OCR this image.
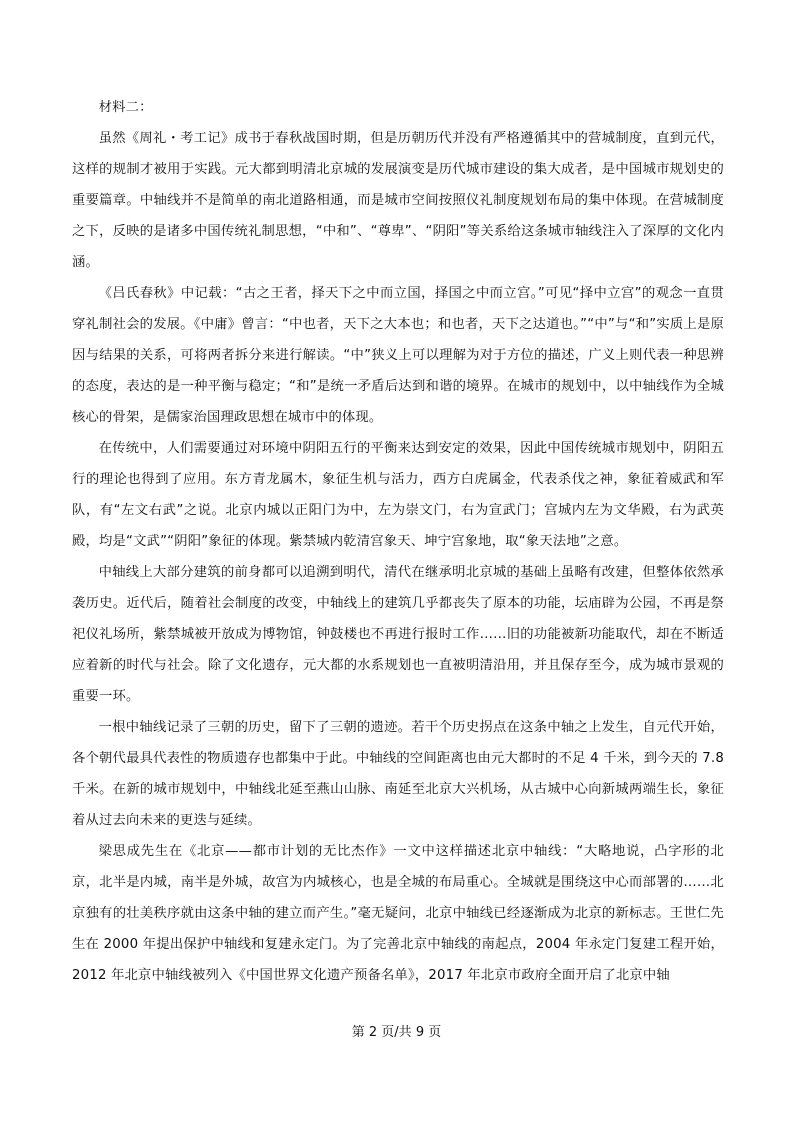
材料二：

虽然《周礼・考工记》成书于春秋战国时期，但是历朝历代并没有严格遵循其中的营城制度，直到元代，这样的规制才被用于实践。元大都到明清北京城的发展演变是历代城市建设的集大成者，是中国城市规划史的重要篇章。中轴线并不是简单的南北道路相通，而是城市空间按照仪礼制度规划布局的集中体现。在营城制度之下，反映的是诸多中国传统礼制思想，“中和”、“尊卑”、“阴阳”等关系给这条城市轴线注入了深厚的文化内涵。

《吕氏春秋》中记载：“古之王者，择天下之中而立国，择国之中而立宫。”可见“择中立宫”的观念一直贯穿礼制社会的发展。《中庸》曾言：“中也者，天下之大本也；和也者，天下之达道也。”“中”与“和”实质上是原因与结果的关系，可将两者拆分来进行解读。“中”狭义上可以理解为对于方位的描述，广义上则代表一种思辨的态度，表达的是一种平衡与稳定；“和”是统一矛盾后达到和谐的境界。在城市的规划中，以中轴线作为全城核心的骨架，是儒家治国理政思想在城市中的体现。

在传统中，人们需要通过对环境中阴阳五行的平衡来达到安定的效果，因此中国传统城市规划中，阴阳五行的理论也得到了应用。东方青龙属木，象征生机与活力，西方白虎属金，代表杀伐之神，象征着威武和军队，有“左文右武”之说。北京内城以正阳门为中，左为崇文门，右为宣武门；宫城内左为文华殿，右为武英殿，均是“文武”“阴阳”象征的体现。紫禁城内乾清宫象天、坤宁宫象地，取“象天法地”之意。

中轴线上大部分建筑的前身都可以追溯到明代，清代在继承明北京城的基础上虽略有改建，但整体依然承袭历史。近代后，随着社会制度的改变，中轴线上的建筑几乎都丧失了原本的功能，坛庙辟为公园，不再是祭祀仪礼场所，紫禁城被开放成为博物馆，钟鼓楼也不再进行报时工作……旧的功能被新功能取代，却在不断适应着新的时代与社会。除了文化遗存，元大都的水系规划也一直被明清沿用，并且保存至今，成为城市景观的重要一环。

一根中轴线记录了三朝的历史，留下了三朝的遗迹。若干个历史拐点在这条中轴之上发生，自元代开始，各个朝代最具代表性的物质遗存也都集中于此。中轴线的空间距离也由元大都时的不足 4 千米，到今天的 7.8 千米。在新的城市规划中，中轴线北延至燕山山脉、南延至北京大兴机场，从古城中心向新城两端生长，象征着从过去向未来的更迭与延续。

梁思成先生在《北京——都市计划的无比杰作》一文中这样描述北京中轴线：“大略地说，凸字形的北京，北半是内城，南半是外城，故宫为内城核心，也是全城的布局重心。全城就是围绕这中心而部署的……北京独有的壮美秩序就由这条中轴的建立而产生。”毫无疑问，北京中轴线已经逐渐成为北京的新标志。王世仁先生在 2000 年提出保护中轴线和复建永定门。为了完善北京中轴线的南起点，2004 年永定门复建工程开始，2012 年北京中轴线被列入《中国世界文化遗产预备名单》，2017 年北京市政府全面开启了北京中轴

第 2 页/共 9 页
